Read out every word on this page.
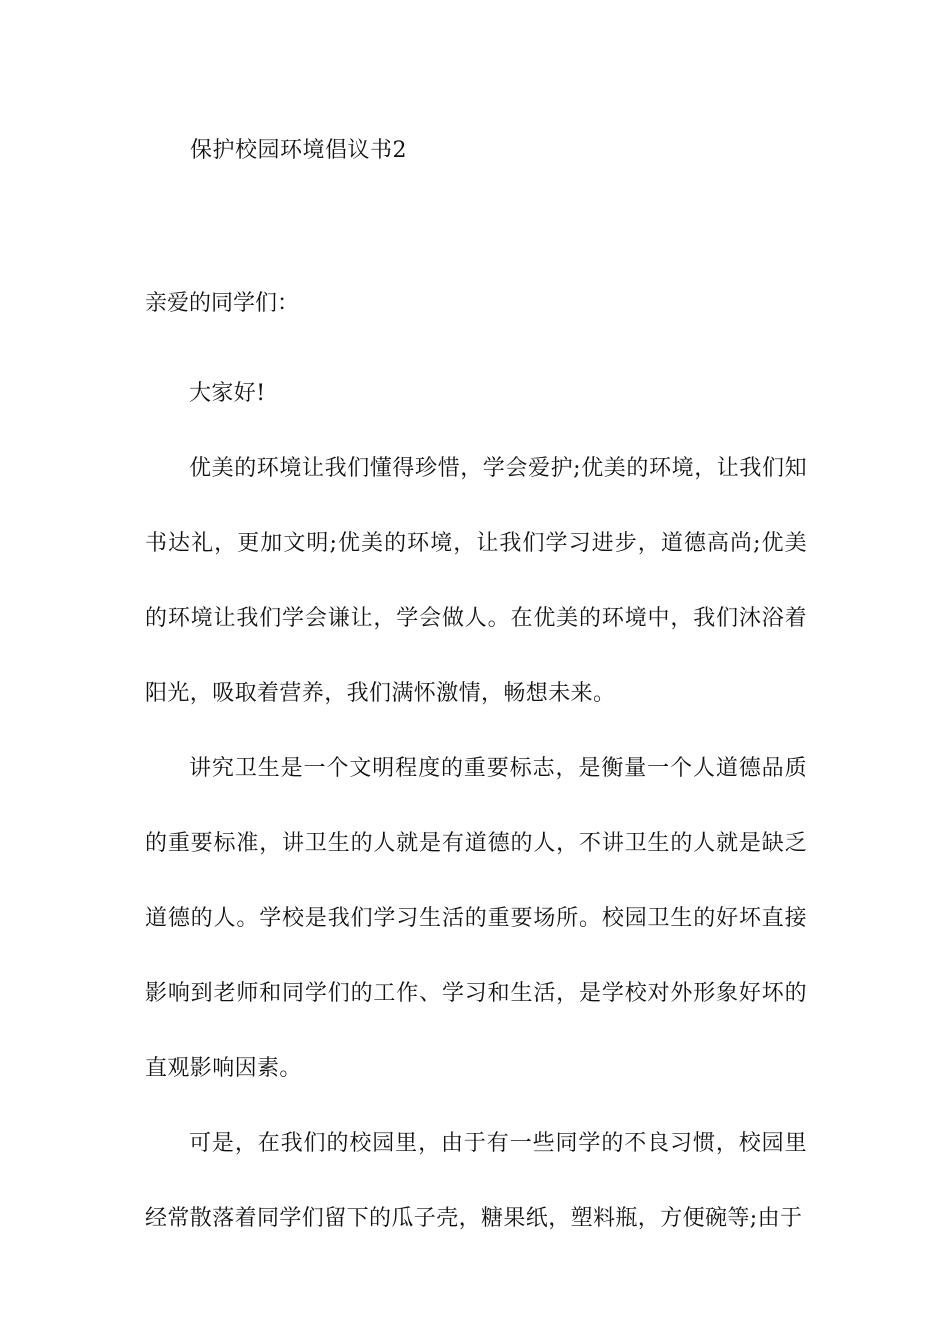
保护校园环境倡议书2
亲爱的同学们：

大家好!

优美的环境让我们懂得珍惜，学会爱护;优美的环境，让我们知书达礼，更加文明;优美的环境，让我们学习进步，道德高尚;优美的环境让我们学会谦让，学会做人。在优美的环境中，我们沐浴着阳光，吸取着营养，我们满怀激情，畅想未来。

讲究卫生是一个文明程度的重要标志，是衡量一个人道德品质的重要标准，讲卫生的人就是有道德的人，不讲卫生的人就是缺乏道德的人。学校是我们学习生活的重要场所。校园卫生的好坏直接影响到老师和同学们的工作、学习和生活，是学校对外形象好坏的直观影响因素。

可是，在我们的校园里，由于有一些同学的不良习惯，校园里经常散落着同学们留下的瓜子壳，糖果纸，塑料瓶，方便碗等;由于
